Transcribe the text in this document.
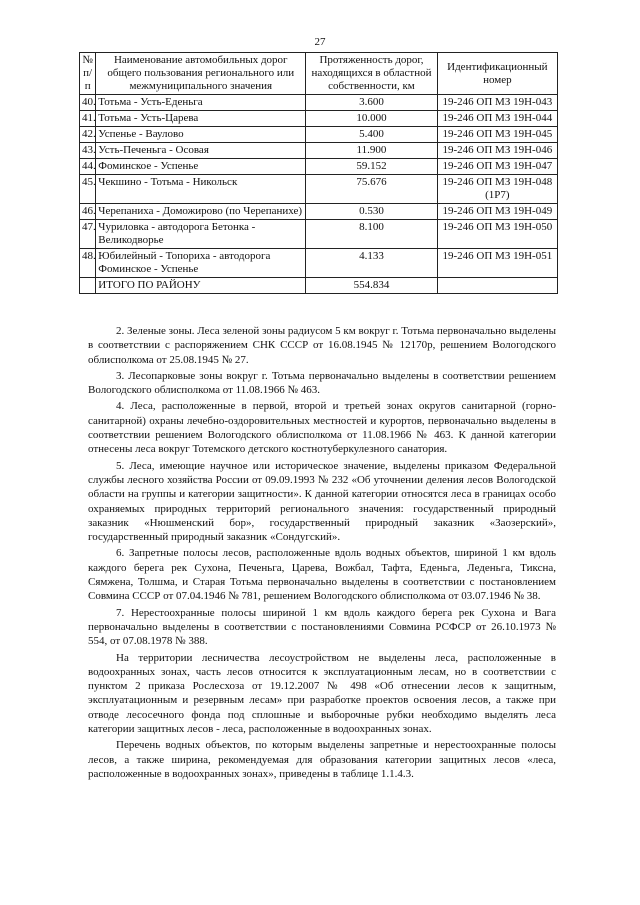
27
№ п/п	Наименование автомобильных дорог общего пользования регионального или межмуниципального значения	Протяженность дорог, находящихся в областной собственности, км	Идентификационный номер
40.	Тотьма - Усть-Еденьга	3.600	19-246 ОП МЗ 19Н-043
41.	Тотьма - Усть-Царева	10.000	19-246 ОП МЗ 19Н-044
42.	Успенье - Ваулово	5.400	19-246 ОП МЗ 19Н-045
43.	Усть-Печеньга - Осовая	11.900	19-246 ОП МЗ 19Н-046
44.	Фоминское - Успенье	59.152	19-246 ОП МЗ 19Н-047
45.	Чекшино - Тотьма - Никольск	75.676	19-246 ОП МЗ 19Н-048 (1Р7)
46.	Черепаниха - Доможирово (по Черепанихе)	0.530	19-246 ОП МЗ 19Н-049
47.	Чуриловка - автодорога Бетонка - Великодворье	8.100	19-246 ОП МЗ 19Н-050
48.	Юбилейный - Топориха - автодорога Фоминское - Успенье	4.133	19-246 ОП МЗ 19Н-051
	ИТОГО ПО РАЙОНУ	554.834	

2. Зеленые зоны. Леса зеленой зоны радиусом 5 км вокруг г. Тотьма первоначально выделены в соответствии с распоряжением СНК СССР от 16.08.1945 № 12170р, решением Вологодского облисполкома от 25.08.1945 № 27.

3. Лесопарковые зоны вокруг г. Тотьма первоначально выделены в соответствии решением Вологодского облисполкома от 11.08.1966 № 463.

4. Леса, расположенные в первой, второй и третьей зонах округов санитарной (горно-санитарной) охраны лечебно-оздоровительных местностей и курортов, первоначально выделены в соответствии решением Вологодского облисполкома от 11.08.1966 № 463. К данной категории отнесены леса вокруг Тотемского детского костнотуберкулезного санатория.

5. Леса, имеющие научное или историческое значение, выделены приказом Федеральной службы лесного хозяйства России от 09.09.1993 № 232 «Об уточнении деления лесов Вологодской области на группы и категории защитности». К данной категории относятся леса в границах особо охраняемых природных территорий регионального значения: государственный природный заказник «Нюшменский бор», государственный природный заказник «Заозерский», государственный природный заказник «Сондугский».

6. Запретные полосы лесов, расположенные вдоль водных объектов, шириной 1 км вдоль каждого берега рек Сухона, Печеньга, Царева, Вожбал, Тафта, Еденьга, Леденьга, Тиксна, Сямжена, Толшма, и Старая Тотьма первоначально выделены в соответствии с постановлением Совмина СССР от 07.04.1946 № 781, решением Вологодского облисполкома от 03.07.1946 № 38.

7. Нерестоохранные полосы шириной 1 км вдоль каждого берега рек Сухона и Вага первоначально выделены в соответствии с постановлениями Совмина РСФСР от 26.10.1973 № 554, от 07.08.1978 № 388.

На территории лесничества лесоустройством не выделены леса, расположенные в водоохранных зонах, часть лесов относится к эксплуатационным лесам, но в соответствии с пунктом 2 приказа Рослесхоза от 19.12.2007 № 498 «Об отнесении лесов к защитным, эксплуатационным и резервным лесам» при разработке проектов освоения лесов, а также при отводе лесосечного фонда под сплошные и выборочные рубки необходимо выделять леса категории защитных лесов - леса, расположенные в водоохранных зонах.

Перечень водных объектов, по которым выделены запретные и нерестоохранные полосы лесов, а также ширина, рекомендуемая для образования категории защитных лесов «леса, расположенные в водоохранных зонах», приведены в таблице 1.1.4.3.
